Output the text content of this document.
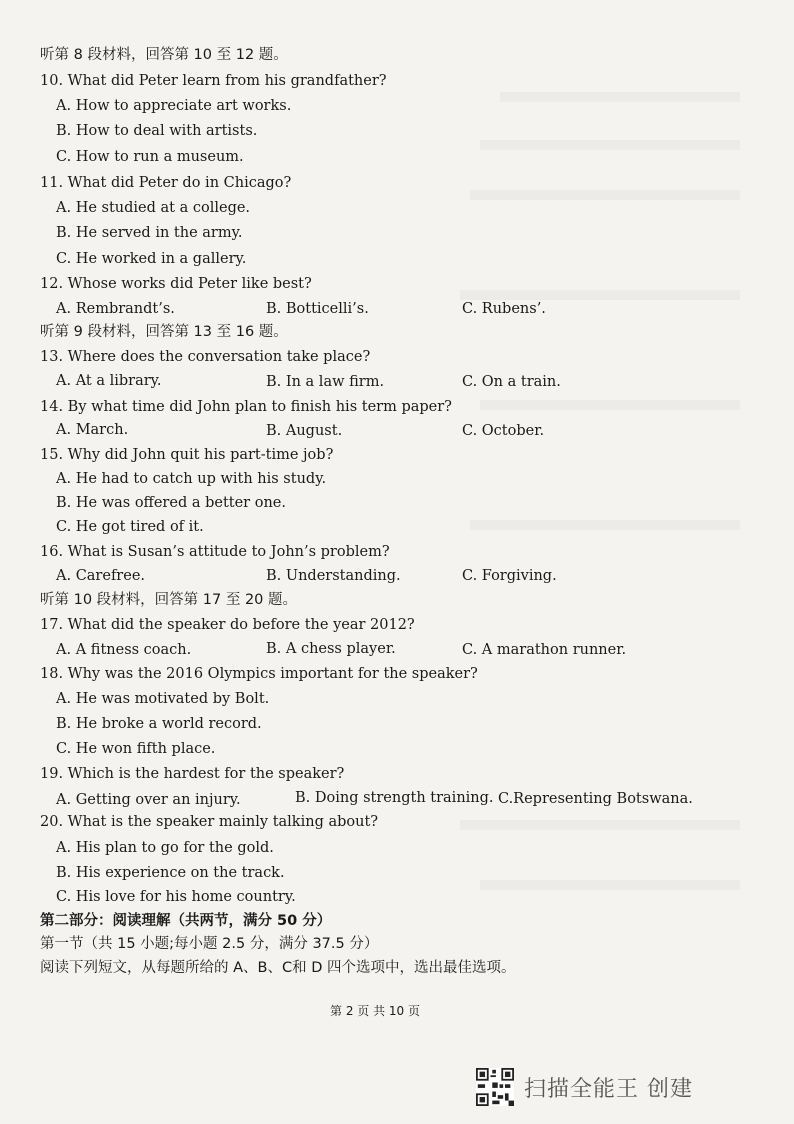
听第 8 段材料，回答第 10 至 12 题。
10. What did Peter learn from his grandfather?
A. How to appreciate art works.
B. How to deal with artists.
C. How to run a museum.
11. What did Peter do in Chicago?
A. He studied at a college.
B. He served in the army.
C. He worked in a gallery.
12. Whose works did Peter like best?
A. Rembrandt’s.	B. Botticelli’s.	C. Rubens’.
听第 9 段材料，回答第 13 至 16 题。
13. Where does the conversation take place?
A. At a library.	B. In a law firm.	C. On a train.
14. By what time did John plan to finish his term paper?
A. March.	B. August.	C. October.
15. Why did John quit his part-time job?
A. He had to catch up with his study.
B. He was offered a better one.
C. He got tired of it.
16. What is Susan’s attitude to John’s problem?
A. Carefree.	B. Understanding.	C. Forgiving.
听第 10 段材料，回答第 17 至 20 题。
17. What did the speaker do before the year 2012?
A. A fitness coach.	B. A chess player.	C. A marathon runner.
18. Why was the 2016 Olympics important for the speaker?
A. He was motivated by Bolt.
B. He broke a world record.
C. He won fifth place.
19. Which is the hardest for the speaker?
A. Getting over an injury.	B. Doing strength training. C.Representing Botswana.
20. What is the speaker mainly talking about?
A. His plan to go for the gold.
B. His experience on the track.
C. His love for his home country.
第二部分：阅读理解（共两节，满分 50 分）
第一节（共 15 小题;每小题 2.5 分，满分 37.5 分）
阅读下列短文，从每题所给的 A、B、C和 D 四个选项中，选出最佳选项。
第 2 页 共 10 页
扫描全能王 创建
